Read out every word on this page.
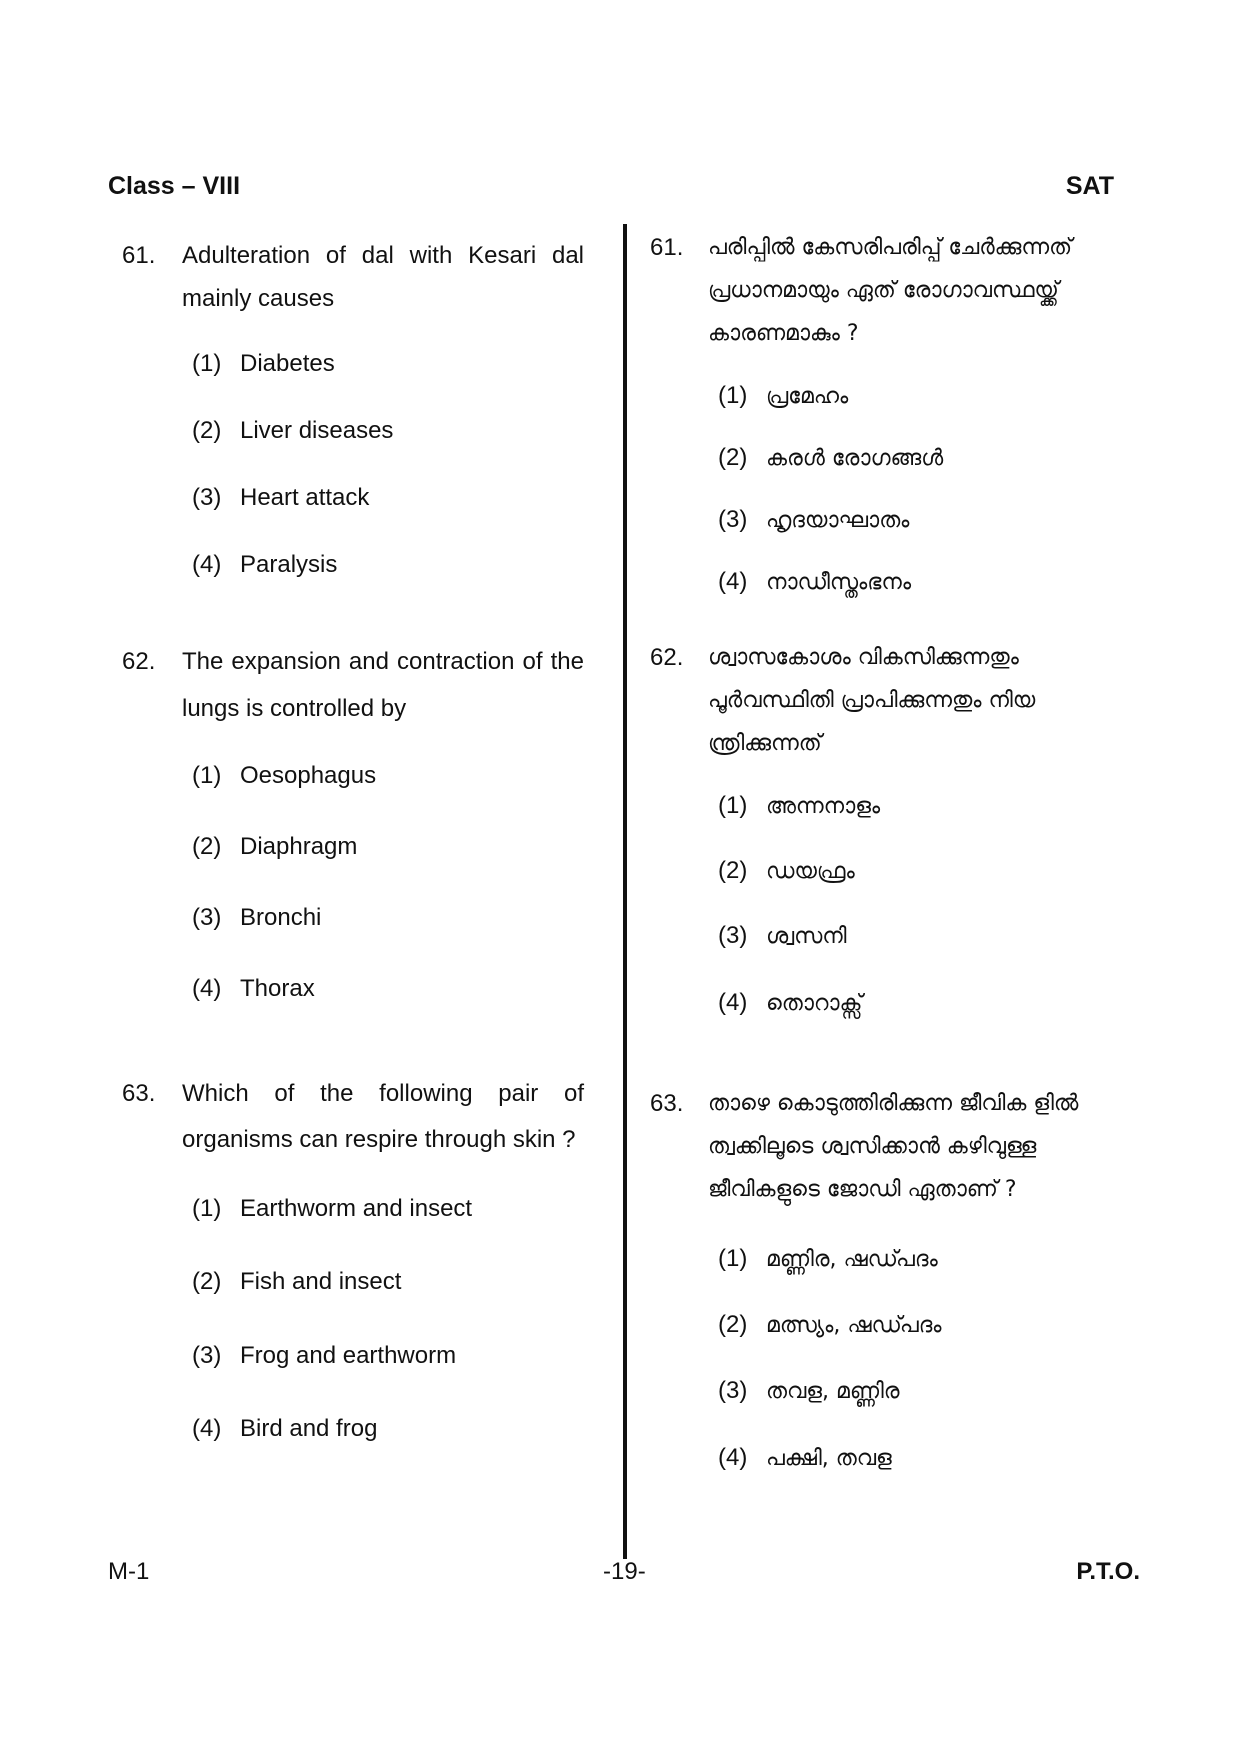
Class – VIII	SAT
61. Adulteration of dal with Kesari dal
mainly causes
(1) Diabetes
(2) Liver diseases
(3) Heart attack
(4) Paralysis
62. The expansion and contraction of the
lungs is controlled by
(1) Oesophagus
(2) Diaphragm
(3) Bronchi
(4) Thorax
63. Which of the following pair of
organisms can respire through skin ?
(1) Earthworm and insect
(2) Fish and insect
(3) Frog and earthworm
(4) Bird and frog
61. പരിപ്പിൽ കേസരിപരിപ്പ് ചേർക്കുന്നത്
പ്രധാനമായും ഏത് രോഗാവസ്ഥയ്ക്ക്
കാരണമാകും ?
(1) പ്രമേഹം
(2) കരൾ രോഗങ്ങൾ
(3) ഹൃദയാഘാതം
(4) നാഡീസ്തംഭനം
62. ശ്വാസകോശം വികസിക്കുന്നതും
പൂർവസ്ഥിതി പ്രാപിക്കുന്നതും നിയ
ന്ത്രിക്കുന്നത്
(1) അന്നനാളം
(2) ഡയഫ്രം
(3) ശ്വസനി
(4) തൊറാക്സ്
63. താഴെ കൊടുത്തിരിക്കുന്ന ജീവിക ളിൽ
ത്വക്കിലൂടെ ശ്വസിക്കാൻ കഴിവുള്ള
ജീവികളുടെ ജോഡി ഏതാണ് ?
(1) മണ്ണിര, ഷഡ്പദം
(2) മത്സ്യം, ഷഡ്പദം
(3) തവള, മണ്ണിര
(4) പക്ഷി, തവള
M-1	-19-	P.T.O.
